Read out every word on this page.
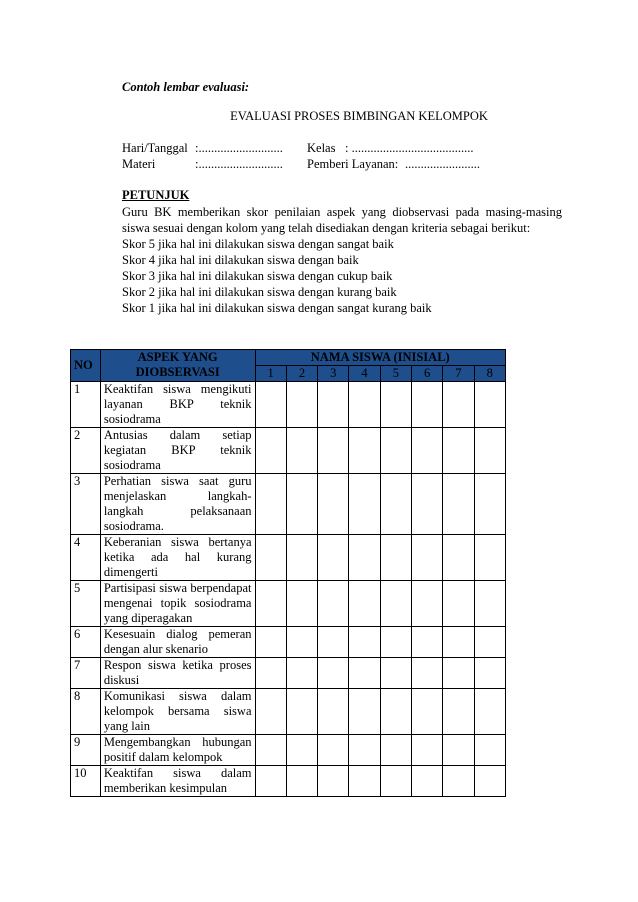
Contoh lembar evaluasi:
EVALUASI PROSES BIMBINGAN KELOMPOK
Hari/Tanggal :...........................
Materi	:...........................
Kelas : .......................................
Pemberi Layanan: ........................
PETUNJUK

Guru BK memberikan skor penilaian aspek yang diobservasi pada masing-masing siswa sesuai dengan kolom yang telah disediakan dengan kriteria sebagai berikut:

Skor 5 jika hal ini dilakukan siswa dengan sangat baik

Skor 4 jika hal ini dilakukan siswa dengan baik

Skor 3 jika hal ini dilakukan siswa dengan cukup baik

Skor 2 jika hal ini dilakukan siswa dengan kurang baik

Skor 1 jika hal ini dilakukan siswa dengan sangat kurang baik

NO	ASPEK YANG DIOBSERVASI	NAMA SISWA (INISIAL)							
		1	2	3	4	5	6	7	8
1	Keaktifan siswa mengikuti layanan BKP teknik sosiodrama								
2	Antusias dalam setiap kegiatan BKP teknik sosiodrama								
3	Perhatian siswa saat guru menjelaskan langkah-langkah pelaksanaan sosiodrama.								
4	Keberanian siswa bertanya ketika ada hal kurang dimengerti								
5	Partisipasi siswa berpendapat mengenai topik sosiodrama yang diperagakan								
6	Kesesuain dialog pemeran dengan alur skenario								
7	Respon siswa ketika proses diskusi								
8	Komunikasi siswa dalam kelompok bersama siswa yang lain								
9	Mengembangkan hubungan positif dalam kelompok								
10	Keaktifan siswa dalam memberikan kesimpulan								
